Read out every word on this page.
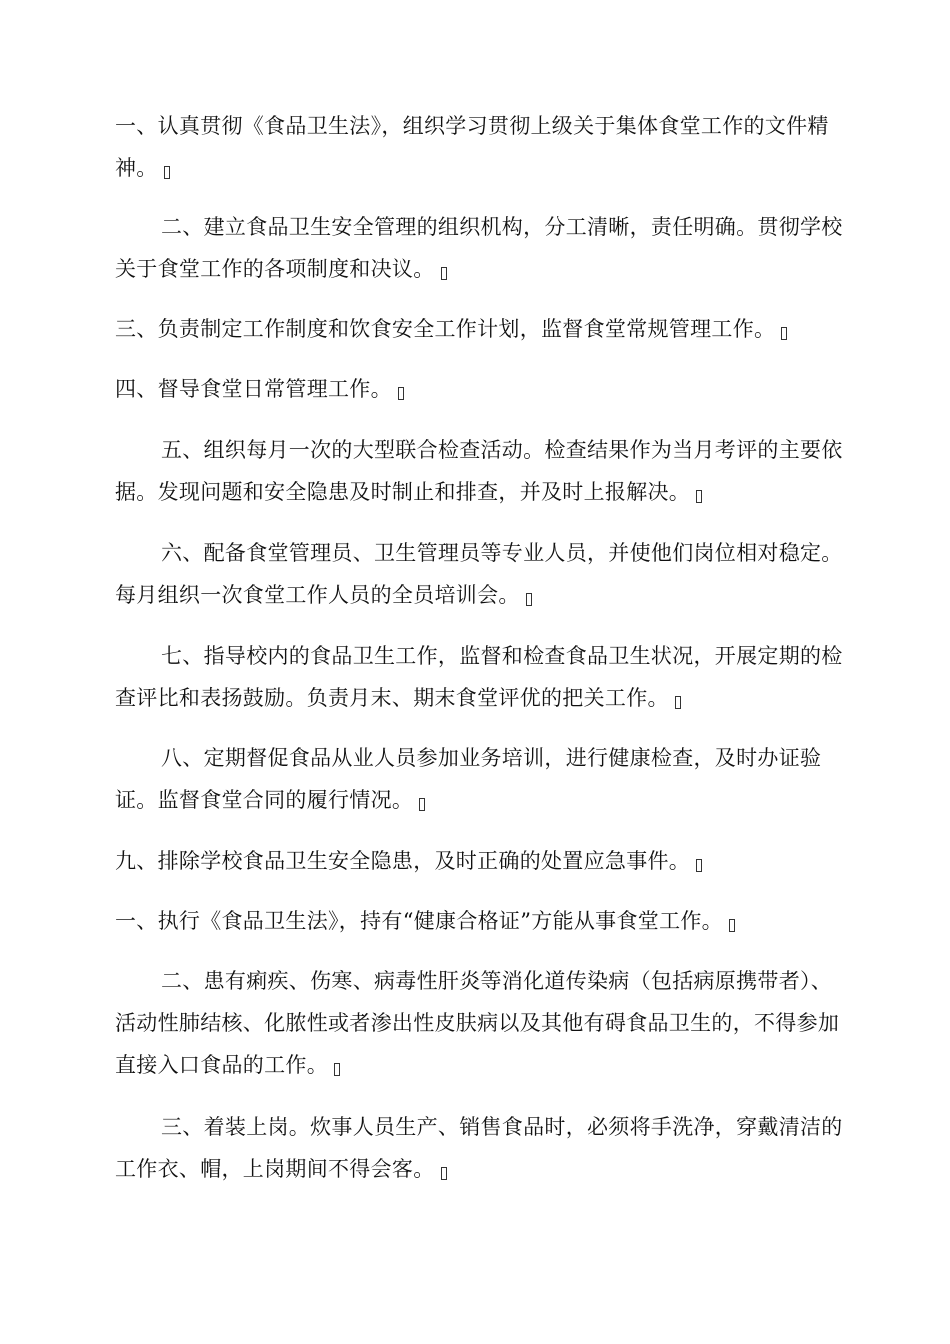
一、认真贯彻《食品卫生法》，组织学习贯彻上级关于集体食堂工作的文件精神。

二、建立食品卫生安全管理的组织机构，分工清晰，责任明确。贯彻学校关于食堂工作的各项制度和决议。

三、负责制定工作制度和饮食安全工作计划，监督食堂常规管理工作。

四、督导食堂日常管理工作。

五、组织每月一次的大型联合检查活动。检查结果作为当月考评的主要依据。发现问题和安全隐患及时制止和排查，并及时上报解决。

六、配备食堂管理员、卫生管理员等专业人员，并使他们岗位相对稳定。每月组织一次食堂工作人员的全员培训会。

七、指导校内的食品卫生工作，监督和检查食品卫生状况，开展定期的检查评比和表扬鼓励。负责月末、期末食堂评优的把关工作。

八、定期督促食品从业人员参加业务培训，进行健康检查，及时办证验证。监督食堂合同的履行情况。

九、排除学校食品卫生安全隐患，及时正确的处置应急事件。

一、执行《食品卫生法》，持有“健康合格证”方能从事食堂工作。

二、患有痢疾、伤寒、病毒性肝炎等消化道传染病（包括病原携带者）、活动性肺结核、化脓性或者渗出性皮肤病以及其他有碍食品卫生的，不得参加直接入口食品的工作。

三、着装上岗。炊事人员生产、销售食品时，必须将手洗净，穿戴清洁的工作衣、帽，上岗期间不得会客。
